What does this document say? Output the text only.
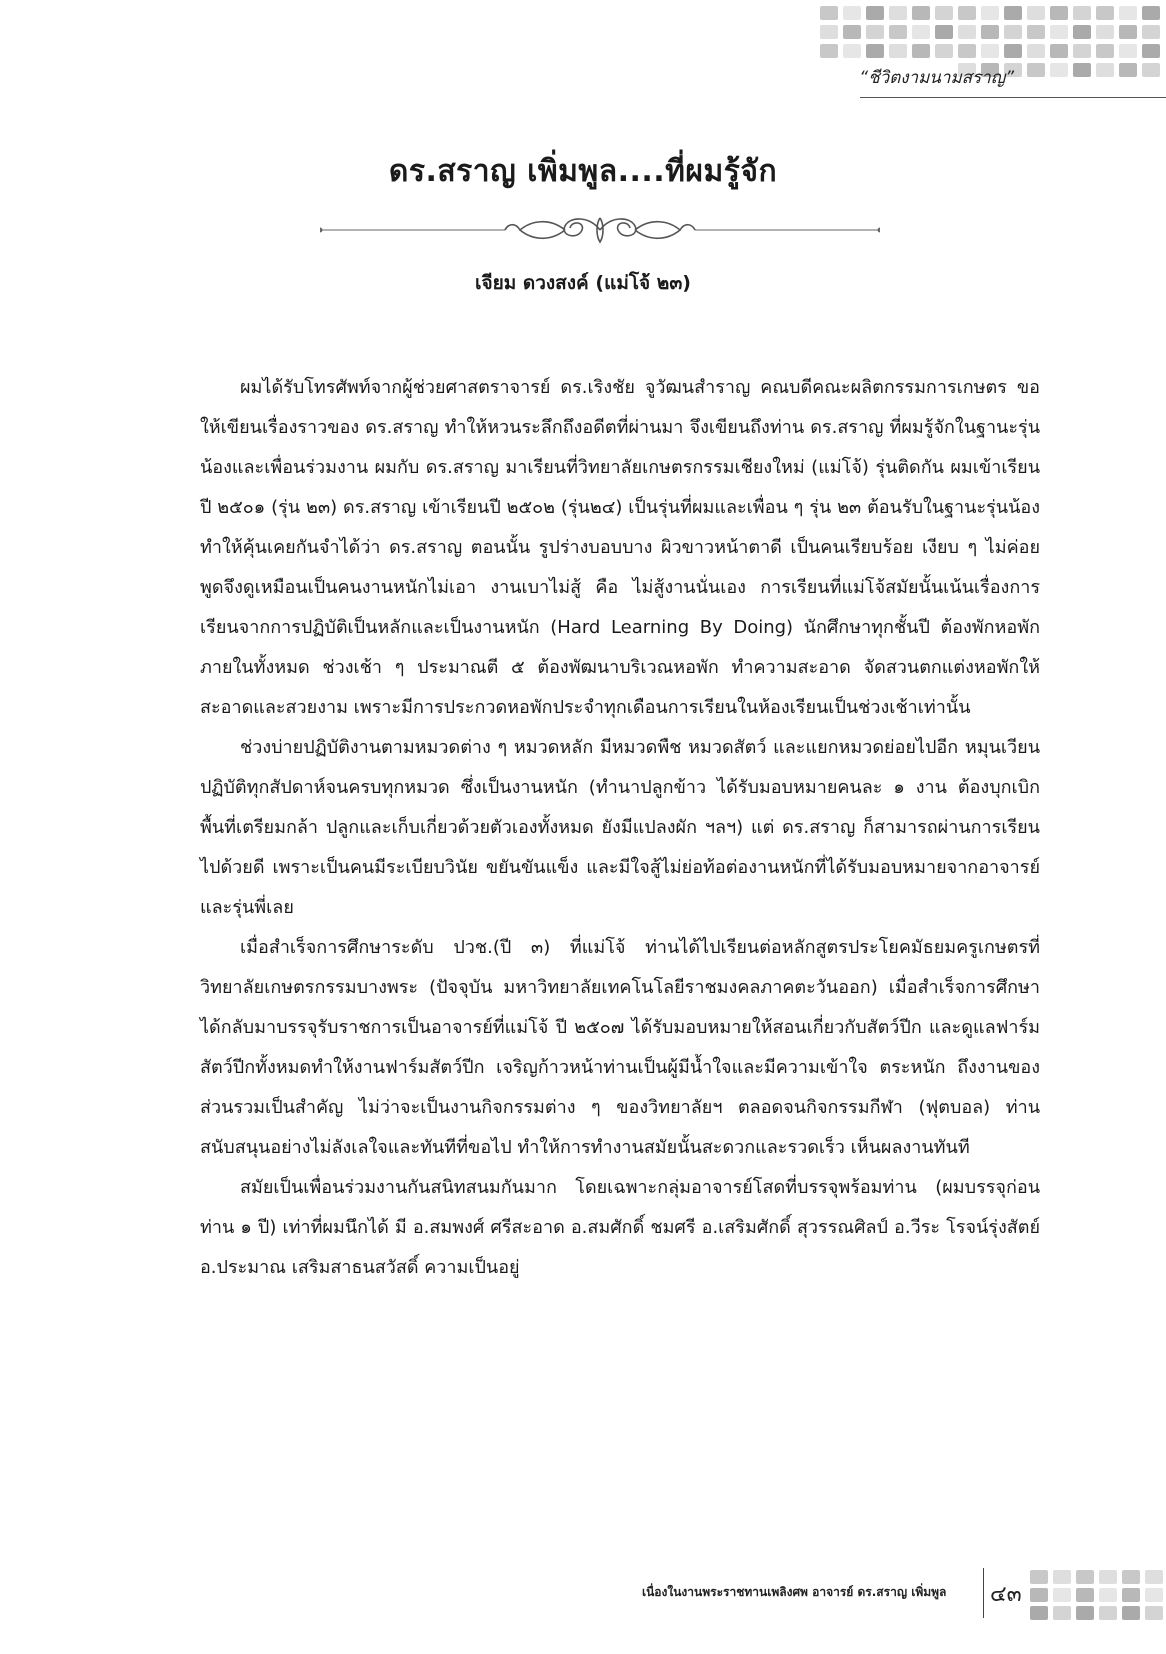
“ชีวิตงามนามสราญ”
ดร.สราญ เพิ่มพูล....ที่ผมรู้จัก
เจียม ดวงสงค์ (แม่โจ้ ๒๓)

ผมได้รับโทรศัพท์จากผู้ช่วยศาสตราจารย์ ดร.เริงชัย จูวัฒนสำราญ คณบดีคณะผลิตกรรมการเกษตร ขอให้เขียนเรื่องราวของ ดร.สราญ ทำให้หวนระลึกถึงอดีตที่ผ่านมา จึงเขียนถึงท่าน ดร.สราญ ที่ผมรู้จักในฐานะรุ่นน้องและเพื่อนร่วมงาน ผมกับ ดร.สราญ มาเรียนที่วิทยาลัยเกษตรกรรมเชียงใหม่ (แม่โจ้) รุ่นติดกัน ผมเข้าเรียนปี ๒๕๐๑ (รุ่น ๒๓) ดร.สราญ เข้าเรียนปี ๒๕๐๒ (รุ่น๒๔) เป็นรุ่นที่ผมและเพื่อน ๆ รุ่น ๒๓ ต้อนรับในฐานะรุ่นน้อง ทำให้คุ้นเคยกันจำได้ว่า ดร.สราญ ตอนนั้น รูปร่างบอบบาง ผิวขาวหน้าตาดี เป็นคนเรียบร้อย เงียบ ๆ ไม่ค่อยพูดจึงดูเหมือนเป็นคนงานหนักไม่เอา งานเบาไม่สู้ คือ ไม่สู้งานนั่นเอง การเรียนที่แม่โจ้สมัยนั้นเน้นเรื่องการเรียนจากการปฏิบัติเป็นหลักและเป็นงานหนัก (Hard Learning By Doing) นักศึกษาทุกชั้นปี ต้องพักหอพักภายในทั้งหมด ช่วงเช้า ๆ ประมาณตี ๕ ต้องพัฒนาบริเวณหอพัก ทำความสะอาด จัดสวนตกแต่งหอพักให้สะอาดและสวยงาม เพราะมีการประกวดหอพักประจำทุกเดือนการเรียนในห้องเรียนเป็นช่วงเช้าเท่านั้น

ช่วงบ่ายปฏิบัติงานตามหมวดต่าง ๆ หมวดหลัก มีหมวดพืช หมวดสัตว์ และแยกหมวดย่อยไปอีก หมุนเวียนปฏิบัติทุกสัปดาห์จนครบทุกหมวด ซึ่งเป็นงานหนัก (ทำนาปลูกข้าว ได้รับมอบหมายคนละ ๑ งาน ต้องบุกเบิกพื้นที่เตรียมกล้า ปลูกและเก็บเกี่ยวด้วยตัวเองทั้งหมด ยังมีแปลงผัก ฯลฯ) แต่ ดร.สราญ ก็สามารถผ่านการเรียนไปด้วยดี เพราะเป็นคนมีระเบียบวินัย ขยันขันแข็ง และมีใจสู้ไม่ย่อท้อต่องานหนักที่ได้รับมอบหมายจากอาจารย์และรุ่นพี่เลย

เมื่อสำเร็จการศึกษาระดับ ปวช.(ปี ๓) ที่แม่โจ้ ท่านได้ไปเรียนต่อหลักสูตรประโยคมัธยมครูเกษตรที่วิทยาลัยเกษตรกรรมบางพระ (ปัจจุบัน มหาวิทยาลัยเทคโนโลยีราชมงคลภาคตะวันออก) เมื่อสำเร็จการศึกษาได้กลับมาบรรจุรับราชการเป็นอาจารย์ที่แม่โจ้ ปี ๒๕๐๗ ได้รับมอบหมายให้สอนเกี่ยวกับสัตว์ปีก และดูแลฟาร์มสัตว์ปีกทั้งหมดทำให้งานฟาร์มสัตว์ปีก เจริญก้าวหน้าท่านเป็นผู้มีน้ำใจและมีความเข้าใจ ตระหนัก ถึงงานของส่วนรวมเป็นสำคัญ ไม่ว่าจะเป็นงานกิจกรรมต่าง ๆ ของวิทยาลัยฯ ตลอดจนกิจกรรมกีฬา (ฟุตบอล) ท่านสนับสนุนอย่างไม่ลังเลใจและทันทีที่ขอไป ทำให้การทำงานสมัยนั้นสะดวกและรวดเร็ว เห็นผลงานทันที

สมัยเป็นเพื่อนร่วมงานกันสนิทสนมกันมาก โดยเฉพาะกลุ่มอาจารย์โสดที่บรรจุพร้อมท่าน (ผมบรรจุก่อนท่าน ๑ ปี) เท่าที่ผมนึกได้ มี อ.สมพงศ์ ศรีสะอาด อ.สมศักดิ์ ชมศรี อ.เสริมศักดิ์ สุวรรณศิลป์ อ.วีระ โรจน์รุ่งสัตย์ อ.ประมาณ เสริมสาธนสวัสดิ์ ความเป็นอยู่

เนื่องในงานพระราชทานเพลิงศพ อาจารย์ ดร.สราญ เพิ่มพูล ๔๓
